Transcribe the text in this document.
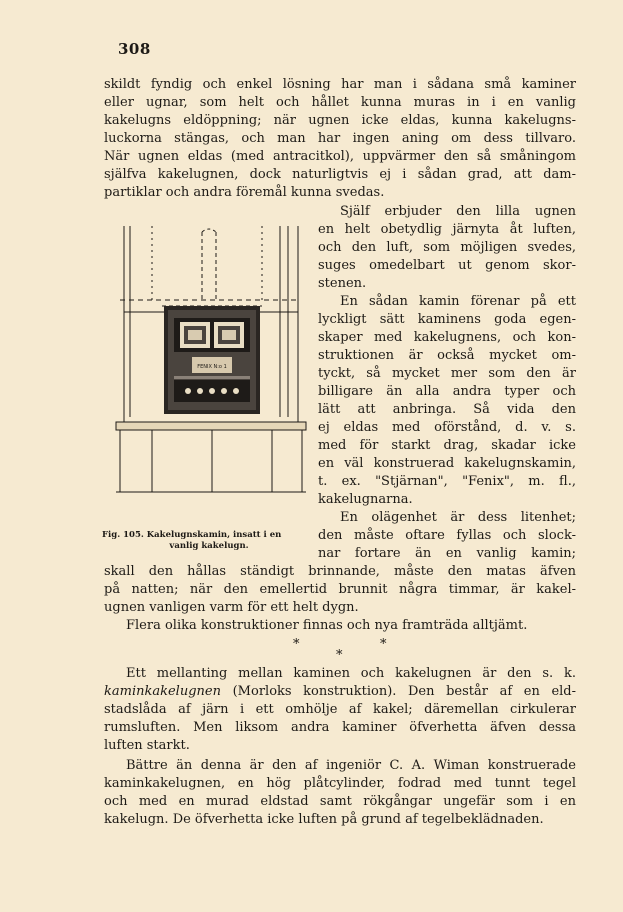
308
skildt fyndig och enkel lösning har man i sådana små kaminer
eller ugnar, som helt och hållet kunna muras in i en vanlig
kakelugns eldöppning; när ugnen icke eldas, kunna kakelugns-
luckorna stängas, och man har ingen aning om dess tillvaro.
När ugnen eldas (med antracitkol), uppvärmer den så småningom
själfva kakelugnen, dock naturligtvis ej i sådan grad, att dam-
partiklar och andra föremål kunna svedas.
Själf erbjuder den lilla ugnen
en helt obetydlig järnyta åt luften,
och den luft, som möjligen svedes,
suges omedelbart ut genom skor-
stenen.
En sådan kamin förenar på ett
lyckligt sätt kaminens goda egen-
skaper med kakelugnens, och kon-
struktionen är också mycket om-
tyckt, så mycket mer som den är
billigare än alla andra typer och
lätt att anbringa. Så vida den
ej eldas med oförstånd, d. v. s.
med för starkt drag, skadar icke
en väl konstruerad kakelugnskamin,
t. ex. "Stjärnan", "Fenix", m. fl.,
kakelugnarna.
En olägenhet är dess litenhet;
den måste oftare fyllas och slock-
nar fortare än en vanlig kamin;
FENIX N:o 1
Fig. 105. Kakelugnskamin, insatt i en
vanlig kakelugn.
skall den hållas ständigt brinnande, måste den matas äfven
på natten; när den emellertid brunnit några timmar, är kakel-
ugnen vanligen varm för ett helt dygn.
Flera olika konstruktioner finnas och nya framträda alltjämt.
*	*
*
Ett mellanting mellan kaminen och kakelugnen är den s. k.
kaminkakelugnen (Morloks konstruktion). Den består af en eld-
stadslåda af järn i ett omhölje af kakel; däremellan cirkulerar
rumsluften. Men liksom andra kaminer öfverhetta äfven dessa
luften starkt.
Bättre än denna är den af ingeniör C. A. Wiman konstruerade
kaminkakelugnen, en hög plåtcylinder, fodrad med tunnt tegel
och med en murad eldstad samt rökgångar ungefär som i en
kakelugn. De öfverhetta icke luften på grund af tegelbeklädnaden.
